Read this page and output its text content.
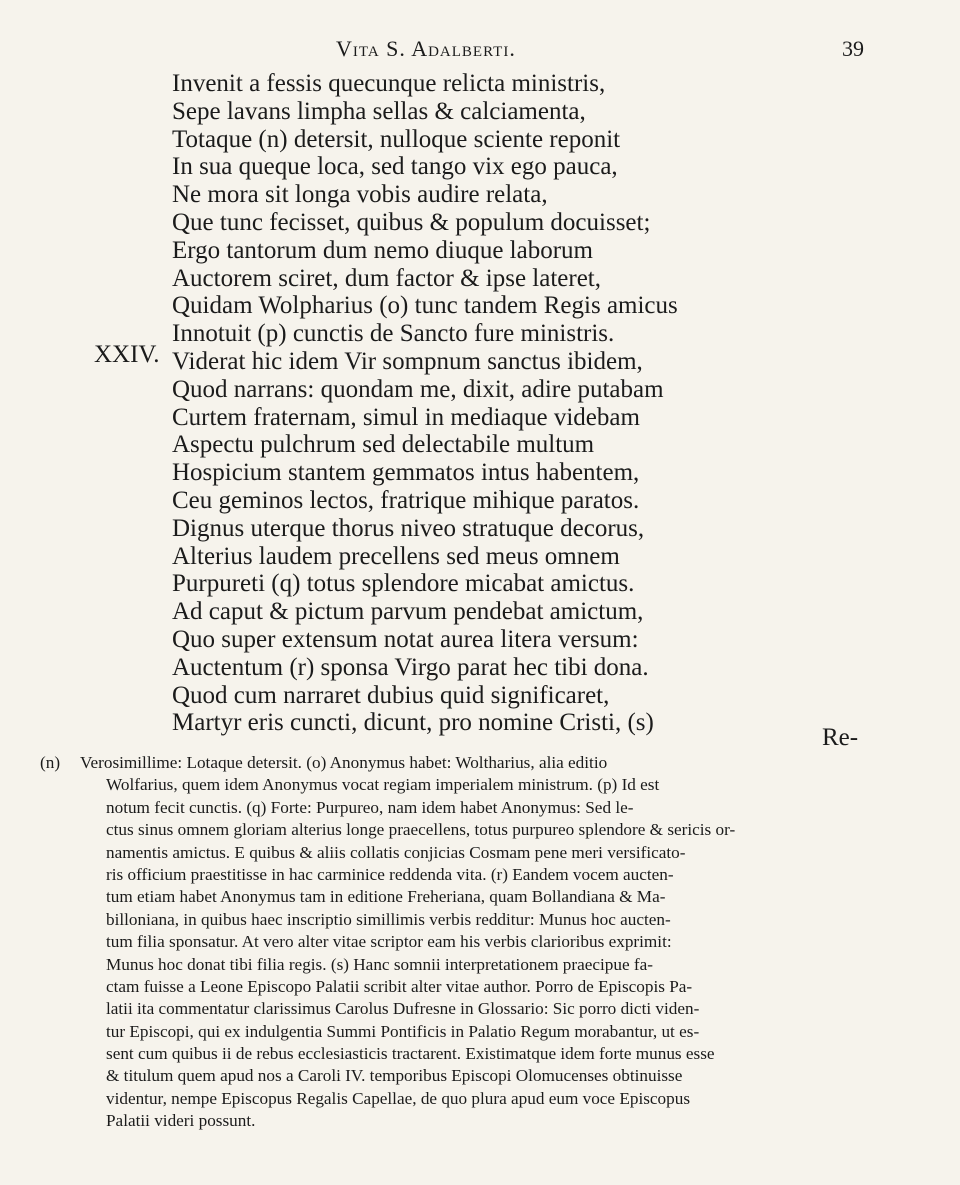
Vita S. Adalberti.	39
XXIV.
Invenit a fessis quecunque relicta ministris,
Sepe lavans limpha sellas & calciamenta,
Totaque (n) detersit, nulloque sciente reponit
In sua queque loca, sed tango vix ego pauca,
Ne mora sit longa vobis audire relata,
Que tunc fecisset, quibus & populum docuisset;
Ergo tantorum dum nemo diuque laborum
Auctorem sciret, dum factor & ipse lateret,
Quidam Wolpharius (o) tunc tandem Regis amicus
Innotuit (p) cunctis de Sancto fure ministris.
Viderat hic idem Vir sompnum sanctus ibidem,
Quod narrans: quondam me, dixit, adire putabam
Curtem fraternam, simul in mediaque videbam
Aspectu pulchrum sed delectabile multum
Hospicium stantem gemmatos intus habentem,
Ceu geminos lectos, fratrique mihique paratos.
Dignus uterque thorus niveo stratuque decorus,
Alterius laudem precellens sed meus omnem
Purpureti (q) totus splendore micabat amictus.
Ad caput & pictum parvum pendebat amictum,
Quo super extensum notat aurea litera versum:
Auctentum (r) sponsa Virgo parat hec tibi dona.
Quod cum narraret dubius quid significaret,
Martyr eris cuncti, dicunt, pro nomine Cristi, (s)
Re-
(n) Verosimillime: Lotaque detersit. (o) Anonymus habet: Woltharius, alia editio
Wolfarius, quem idem Anonymus vocat regiam imperialem ministrum. (p) Id est
notum fecit cunctis. (q) Forte: Purpureo, nam idem habet Anonymus: Sed le-
ctus sinus omnem gloriam alterius longe praecellens, totus purpureo splendore & sericis or-
namentis amictus. E quibus & aliis collatis conjicias Cosmam pene meri versificato-
ris officium praestitisse in hac carminice reddenda vita. (r) Eandem vocem aucten-
tum etiam habet Anonymus tam in editione Freheriana, quam Bollandiana & Ma-
billoniana, in quibus haec inscriptio simillimis verbis redditur: Munus hoc aucten-
tum filia sponsatur. At vero alter vitae scriptor eam his verbis clarioribus exprimit:
Munus hoc donat tibi filia regis. (s) Hanc somnii interpretationem praecipue fa-
ctam fuisse a Leone Episcopo Palatii scribit alter vitae author. Porro de Episcopis Pa-
latii ita commentatur clarissimus Carolus Dufresne in Glossario: Sic porro dicti viden-
tur Episcopi, qui ex indulgentia Summi Pontificis in Palatio Regum morabantur, ut es-
sent cum quibus ii de rebus ecclesiasticis tractarent. Existimatque idem forte munus esse
& titulum quem apud nos a Caroli IV. temporibus Episcopi Olomucenses obtinuisse
videntur, nempe Episcopus Regalis Capellae, de quo plura apud eum voce Episcopus
Palatii videri possunt.
